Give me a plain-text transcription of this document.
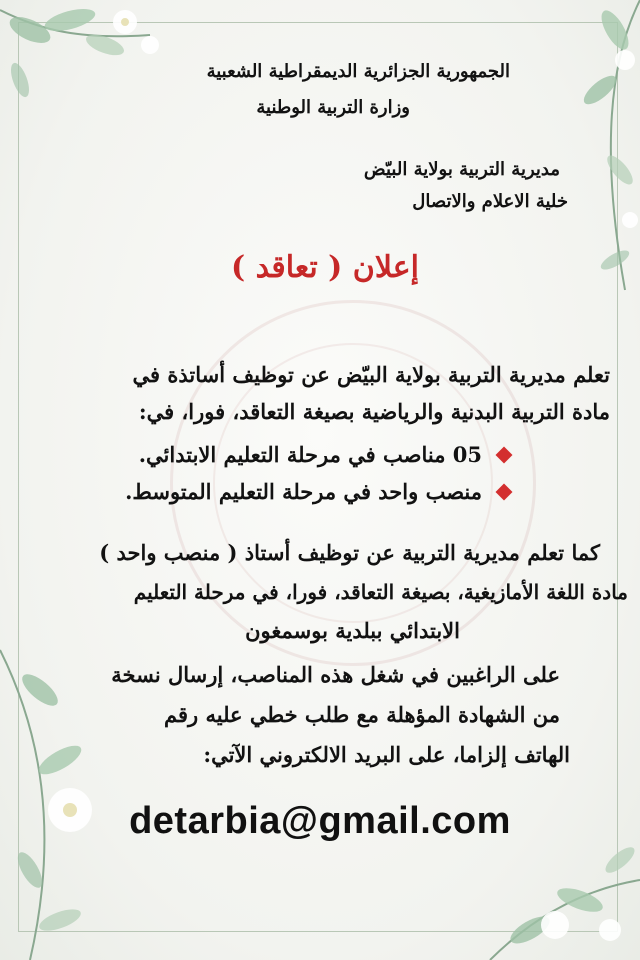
الجمهورية الجزائرية الديمقراطية الشعبية
وزارة التربية الوطنية
مديرية التربية بولاية البيّض
خلية الاعلام والاتصال
إعلان ( تعاقد )
تعلم مديرية التربية بولاية البيّض عن توظيف أساتذة في
مادة التربية البدنية والرياضية بصيغة التعاقد، فورا، في:
05 مناصب في مرحلة التعليم الابتدائي.
منصب واحد في مرحلة التعليم المتوسط.
كما تعلم مديرية التربية عن توظيف أستاذ ( منصب واحد )
مادة اللغة الأمازيغية، بصيغة التعاقد، فورا، في مرحلة التعليم
الابتدائي ببلدية بوسمغون
على الراغبين في شغل هذه المناصب، إرسال نسخة
من الشهادة المؤهلة مع طلب خطي عليه رقم
الهاتف إلزاما، على البريد الالكتروني الآتي:
detarbia@gmail.com
